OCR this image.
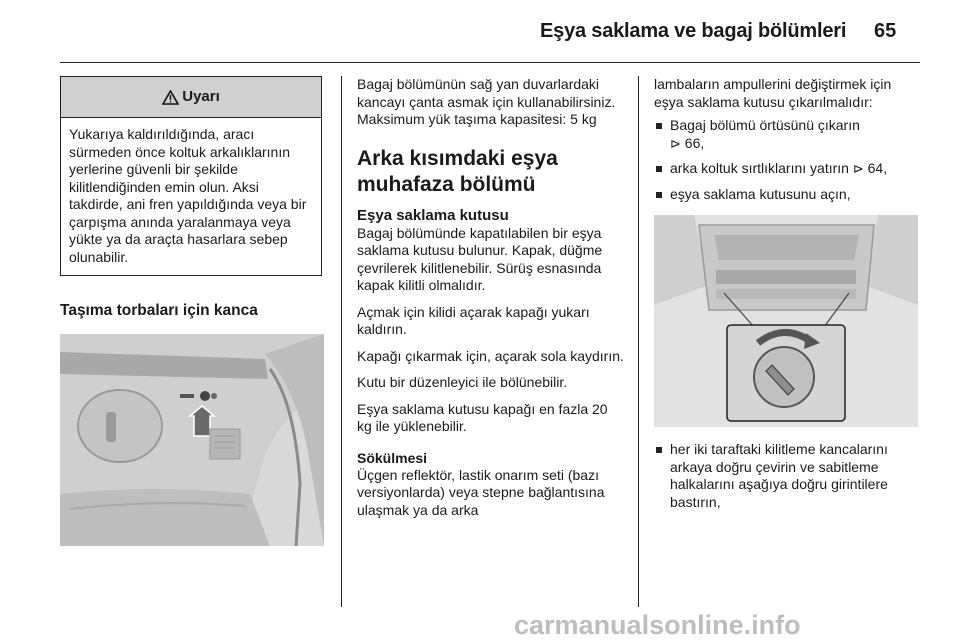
Eşya saklama ve bagaj bölümleri 65
Uyarı
Yukarıya kaldırıldığında, aracı sürmeden önce koltuk arkalıklarının yerlerine güvenli bir şekilde kilitlendiğinden emin olun. Aksi takdirde, ani fren yapıldığında veya bir çarpışma anında yaralanmaya veya yükte ya da araçta hasarlara sebep olunabilir.
Taşıma torbaları için kanca

Bagaj bölümünün sağ yan duvarlardaki kancayı çanta asmak için kullanabilirsiniz. Maksimum yük taşıma kapasitesi: 5 kg

Arka kısımdaki eşya muhafaza bölümü
Eşya saklama kutusu

Bagaj bölümünde kapatılabilen bir eşya saklama kutusu bulunur. Kapak, düğme çevrilerek kilitlenebilir. Sürüş esnasında kapak kilitli olmalıdır.

Açmak için kilidi açarak kapağı yukarı kaldırın.

Kapağı çıkarmak için, açarak sola kaydırın.

Kutu bir düzenleyici ile bölünebilir.

Eşya saklama kutusu kapağı en fazla 20 kg ile yüklenebilir.

Sökülmesi

Üçgen reflektör, lastik onarım seti (bazı versiyonlarda) veya stepne bağlantısına ulaşmak ya da arka

lambaların ampullerini değiştirmek için eşya saklama kutusu çıkarılmalıdır:

Bagaj bölümü örtüsünü çıkarın
⊳ 66,
arka koltuk sırtlıklarını yatırın ⊳ 64,
eşya saklama kutusunu açın,
her iki taraftaki kilitleme kancalarını arkaya doğru çevirin ve sabitleme halkalarını aşağıya doğru girintilere bastırın,
carmanualsonline.info
